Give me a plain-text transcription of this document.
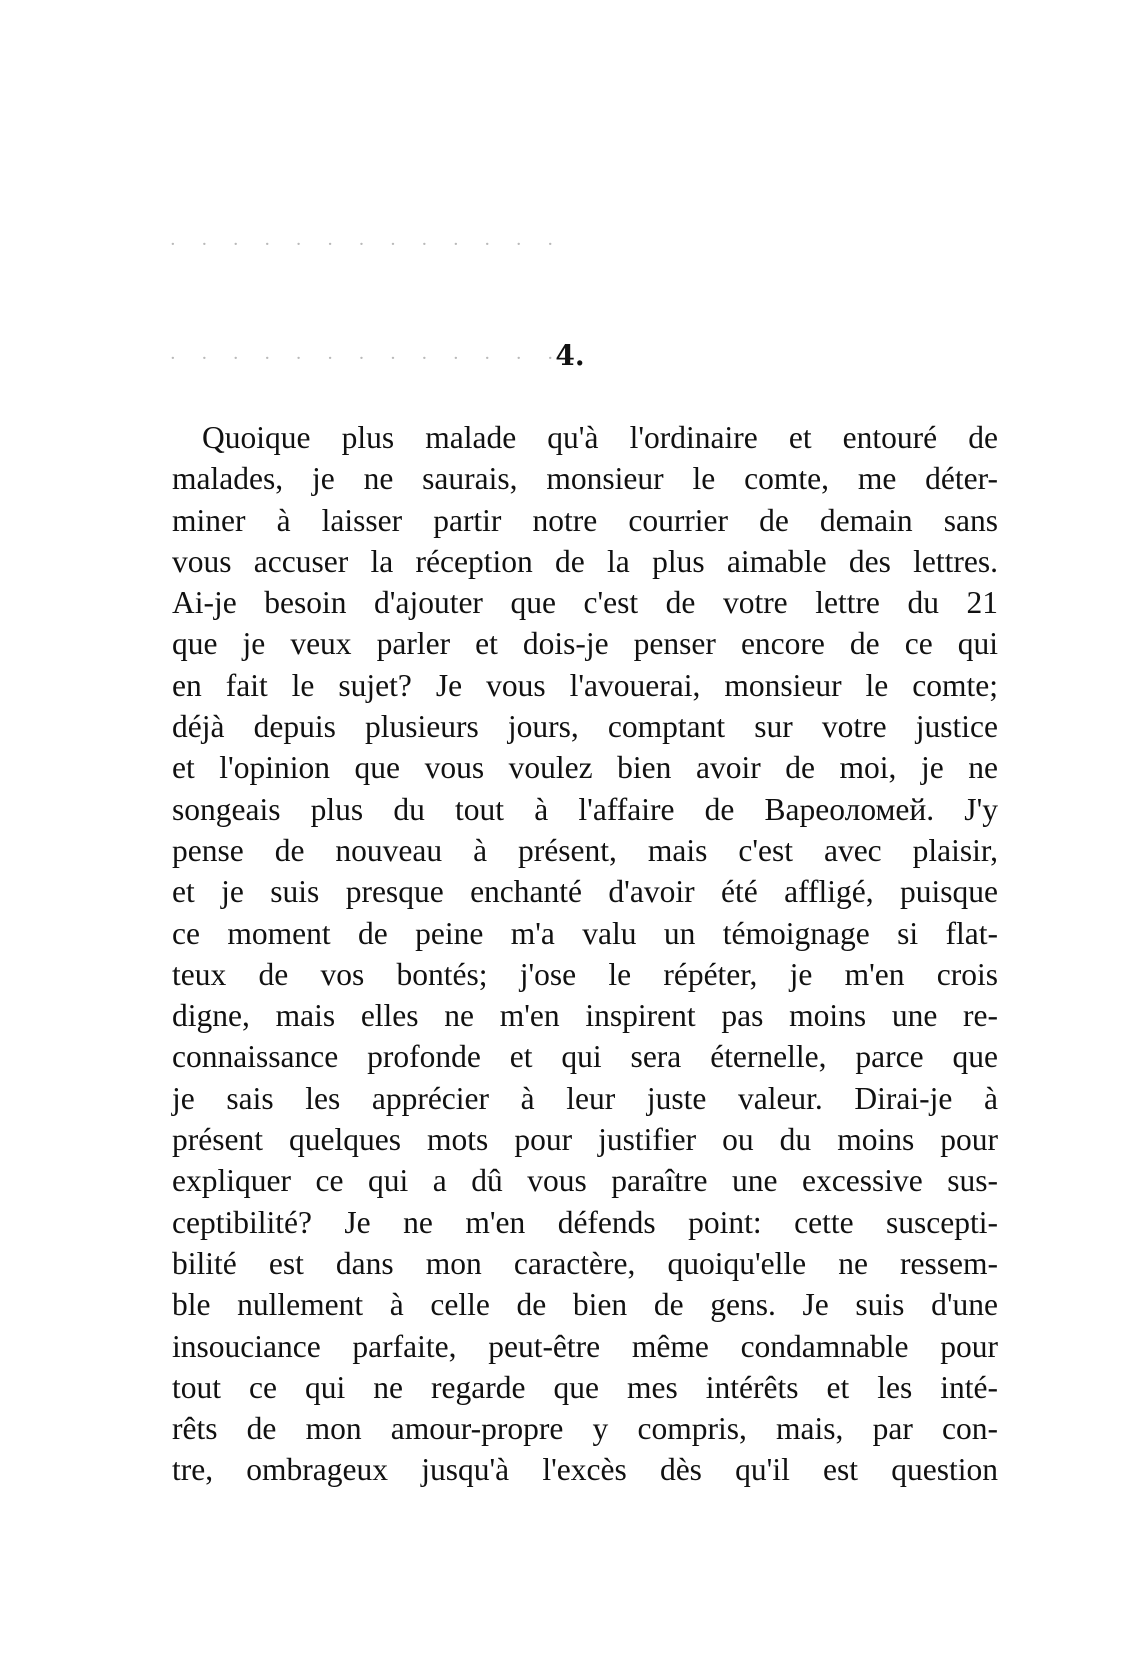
· · · · · · · · · · · · ·

· · · · · · · · · · · · ·

4.
Quoique plus malade qu'à l'ordinaire et entouré de
malades, je ne saurais, monsieur le comte, me déter-
miner à laisser partir notre courrier de demain sans
vous accuser la réception de la plus aimable des lettres.
Ai-je besoin d'ajouter que c'est de votre lettre du 21
que je veux parler et dois-je penser encore de ce qui
en fait le sujet? Je vous l'avouerai, monsieur le comte;
déjà depuis plusieurs jours, comptant sur votre justice
et l'opinion que vous voulez bien avoir de moi, je ne
songeais plus du tout à l'affaire de Вареоломей. J'y
pense de nouveau à présent, mais c'est avec plaisir,
et je suis presque enchanté d'avoir été affligé, puisque
ce moment de peine m'a valu un témoignage si flat-
teux de vos bontés; j'ose le répéter, je m'en crois
digne, mais elles ne m'en inspirent pas moins une re-
connaissance profonde et qui sera éternelle, parce que
je sais les apprécier à leur juste valeur. Dirai-je à
présent quelques mots pour justifier ou du moins pour
expliquer ce qui a dû vous paraître une excessive sus-
ceptibilité? Je ne m'en défends point: cette suscepti-
bilité est dans mon caractère, quoiqu'elle ne ressem-
ble nullement à celle de bien de gens. Je suis d'une
insouciance parfaite, peut-être même condamnable pour
tout ce qui ne regarde que mes intérêts et les inté-
rêts de mon amour-propre y compris, mais, par con-
tre, ombrageux jusqu'à l'excès dès qu'il est question
